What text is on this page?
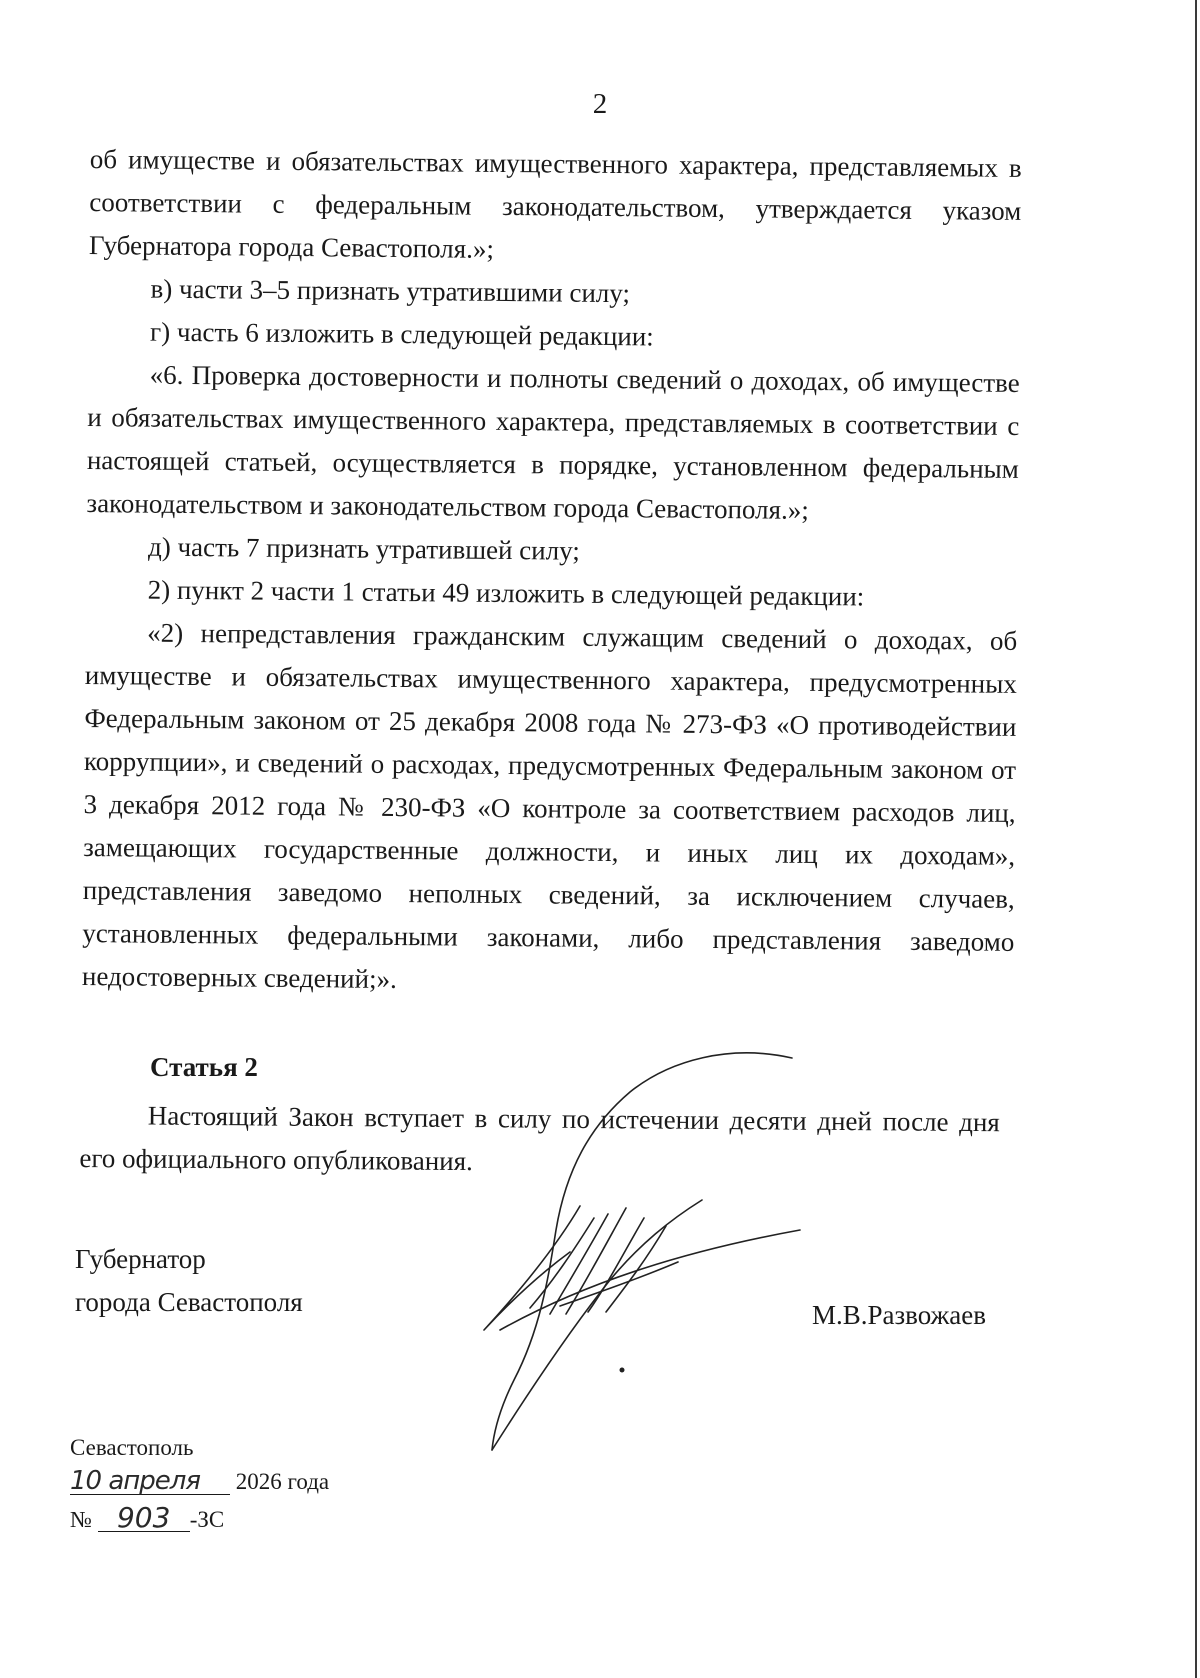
2

об имуществе и обязательствах имущественного характера, представляемых в соответствии с федеральным законодательством, утверждается указом Губернатора города Севастополя.»;

в) части 3–5 признать утратившими силу;

г) часть 6 изложить в следующей редакции:

«6. Проверка достоверности и полноты сведений о доходах, об имуществе и обязательствах имущественного характера, представляемых в соответствии с настоящей статьей, осуществляется в порядке, установленном федеральным законодательством и законодательством города Севастополя.»;

д) часть 7 признать утратившей силу;

2) пункт 2 части 1 статьи 49 изложить в следующей редакции:

«2) непредставления гражданским служащим сведений о доходах, об имуществе и обязательствах имущественного характера, предусмотренных Федеральным законом от 25 декабря 2008 года № 273-ФЗ «О противодействии коррупции», и сведений о расходах, предусмотренных Федеральным законом от 3 декабря 2012 года № 230-ФЗ «О контроле за соответствием расходов лиц, замещающих государственные должности, и иных лиц их доходам», представления заведомо неполных сведений, за исключением случаев, установленных федеральными законами, либо представления заведомо недостоверных сведений;».

Статья 2
Настоящий Закон вступает в силу по истечении десяти дней после дня его официального опубликования.
Губернатор
города Севастополя	М.В.Развожаев
Севастополь
10 апреля 2026 года
№ 903 -ЗС
